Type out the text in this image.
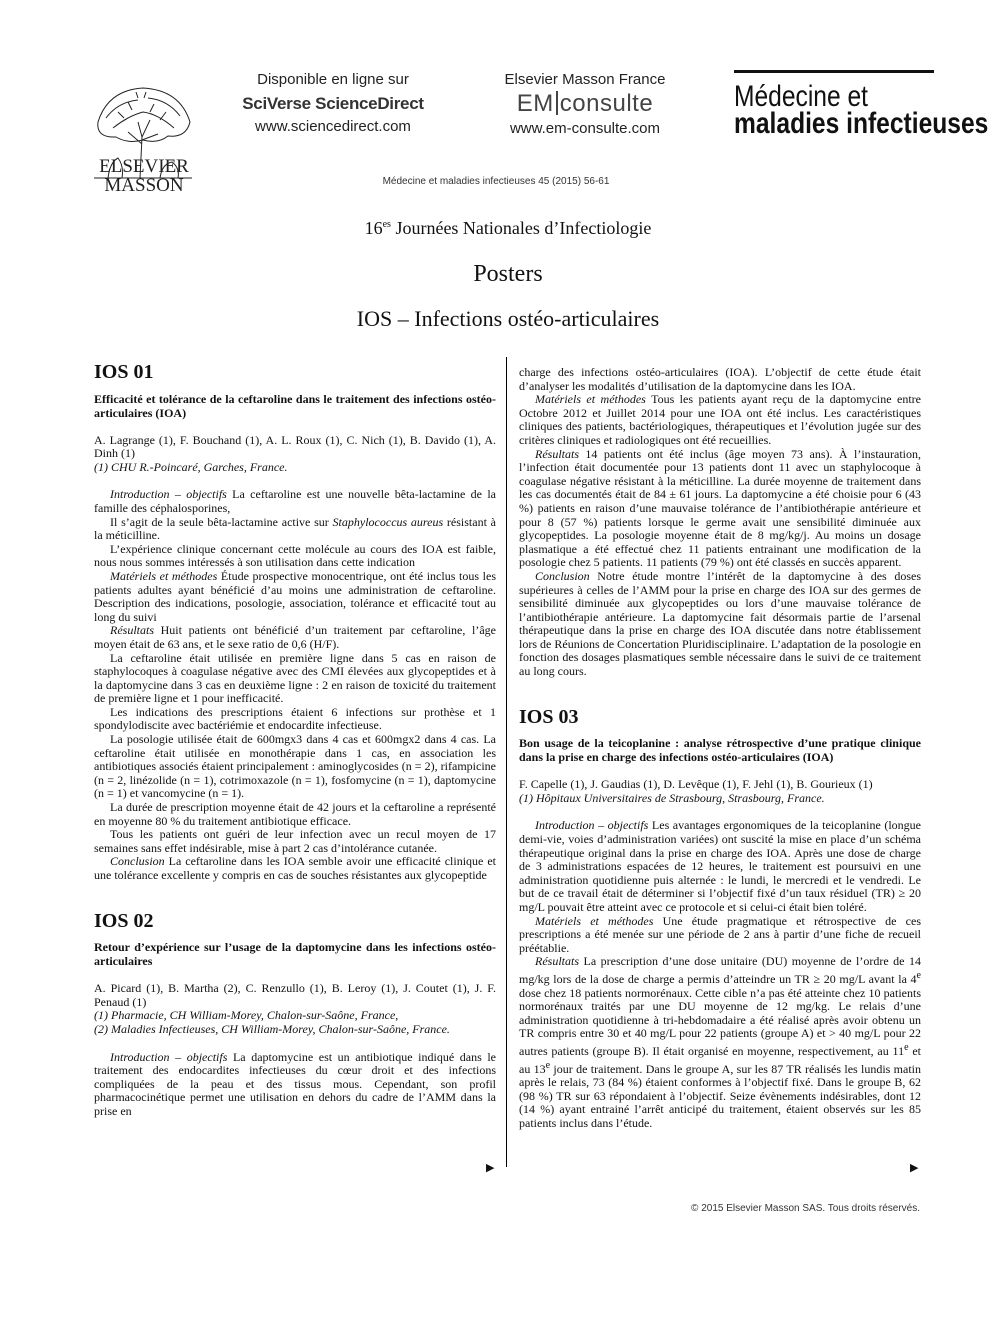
ELSEVIER
MASSON
Disponible en ligne sur
SciVerse ScienceDirect
www.sciencedirect.com
Elsevier Masson France
EM consulte
www.em-consulte.com
Médecine et
maladies infectieuses
Médecine et maladies infectieuses 45 (2015) 56-61
$16^{es}$ Journées Nationales d’Infectiologie
Posters
IOS – Infections ostéo-articulaires
IOS 01
Efficacité et tolérance de la ceftaroline dans le traitement des infections ostéo-articulaires (IOA)

A. Lagrange (1), F. Bouchand (1), A. L. Roux (1), C. Nich (1), B. Davido (1), A. Dinh (1)

(1) CHU R.-Poincaré, Garches, France.

Introduction – objectifs La ceftaroline est une nouvelle bêta-lactamine de la famille des céphalosporines,

Il s’agit de la seule bêta-lactamine active sur Staphylococcus aureus résistant à la méticilline.

L’expérience clinique concernant cette molécule au cours des IOA est faible, nous nous sommes intéressés à son utilisation dans cette indication

Matériels et méthodes Étude prospective monocentrique, ont été inclus tous les patients adultes ayant bénéficié d’au moins une administration de ceftaroline. Description des indications, posologie, association, tolérance et efficacité tout au long du suivi

Résultats Huit patients ont bénéficié d’un traitement par ceftaroline, l’âge moyen était de 63 ans, et le sexe ratio de 0,6 (H/F).

La ceftaroline était utilisée en première ligne dans 5 cas en raison de staphylocoques à coagulase négative avec des CMI élevées aux glycopeptides et à la daptomycine dans 3 cas en deuxième ligne : 2 en raison de toxicité du traitement de première ligne et 1 pour inefficacité.

Les indications des prescriptions étaient 6 infections sur prothèse et 1 spondylodiscite avec bactériémie et endocardite infectieuse.

La posologie utilisée était de 600mgx3 dans 4 cas et 600mgx2 dans 4 cas. La ceftaroline était utilisée en monothérapie dans 1 cas, en association les antibiotiques associés étaient principalement : aminoglycosides (n = 2), rifampicine (n = 2, linézolide (n = 1), cotrimoxazole (n = 1), fosfomycine (n = 1), daptomycine (n = 1) et vancomycine (n = 1).

La durée de prescription moyenne était de 42 jours et la ceftaroline a représenté en moyenne 80 % du traitement antibiotique efficace.

Tous les patients ont guéri de leur infection avec un recul moyen de 17 semaines sans effet indésirable, mise à part 2 cas d’intolérance cutanée.

Conclusion La ceftaroline dans les IOA semble avoir une efficacité clinique et une tolérance excellente y compris en cas de souches résistantes aux glycopeptide

IOS 02
Retour d’expérience sur l’usage de la daptomycine dans les infections ostéo-articulaires

A. Picard (1), B. Martha (2), C. Renzullo (1), B. Leroy (1), J. Coutet (1), J. F. Penaud (1)

(1) Pharmacie, CH William-Morey, Chalon-sur-Saône, France,

(2) Maladies Infectieuses, CH William-Morey, Chalon-sur-Saône, France.

Introduction – objectifs La daptomycine est un antibiotique indiqué dans le traitement des endocardites infectieuses du cœur droit et des infections compliquées de la peau et des tissus mous. Cependant, son profil pharmacocinétique permet une utilisation en dehors du cadre de l’AMM dans la prise en

▶

charge des infections ostéo-articulaires (IOA). L’objectif de cette étude était d’analyser les modalités d’utilisation de la daptomycine dans les IOA.

Matériels et méthodes Tous les patients ayant reçu de la daptomycine entre Octobre 2012 et Juillet 2014 pour une IOA ont été inclus. Les caractéristiques cliniques des patients, bactériologiques, thérapeutiques et l’évolution jugée sur des critères cliniques et radiologiques ont été recueillies.

Résultats 14 patients ont été inclus (âge moyen 73 ans). À l’instauration, l’infection était documentée pour 13 patients dont 11 avec un staphylocoque à coagulase négative résistant à la méticilline. La durée moyenne de traitement dans les cas documentés était de 84 ± 61 jours. La daptomycine a été choisie pour 6 (43 %) patients en raison d’une mauvaise tolérance de l’antibiothérapie antérieure et pour 8 (57 %) patients lorsque le germe avait une sensibilité diminuée aux glycopeptides. La posologie moyenne était de 8 mg/kg/j. Au moins un dosage plasmatique a été effectué chez 11 patients entrainant une modification de la posologie chez 5 patients. 11 patients (79 %) ont été classés en succès apparent.

Conclusion Notre étude montre l’intérêt de la daptomycine à des doses supérieures à celles de l’AMM pour la prise en charge des IOA sur des germes de sensibilité diminuée aux glycopeptides ou lors d’une mauvaise tolérance de l’antibiothérapie antérieure. La daptomycine fait désormais partie de l’arsenal thérapeutique dans la prise en charge des IOA discutée dans notre établissement lors de Réunions de Concertation Pluridisciplinaire. L’adaptation de la posologie en fonction des dosages plasmatiques semble nécessaire dans le suivi de ce traitement au long cours.

IOS 03
Bon usage de la teicoplanine : analyse rétrospective d’une pratique clinique dans la prise en charge des infections ostéo-articulaires (IOA)

F. Capelle (1), J. Gaudias (1), D. Levêque (1), F. Jehl (1), B. Gourieux (1)

(1) Hôpitaux Universitaires de Strasbourg, Strasbourg, France.

Introduction – objectifs Les avantages ergonomiques de la teicoplanine (longue demi-vie, voies d’administration variées) ont suscité la mise en place d’un schéma thérapeutique original dans la prise en charge des IOA. Après une dose de charge de 3 administrations espacées de 12 heures, le traitement est poursuivi en une administration quotidienne puis alternée : le lundi, le mercredi et le vendredi. Le but de ce travail était de déterminer si l’objectif fixé d’un taux résiduel (TR) ≥ 20 mg/L pouvait être atteint avec ce protocole et si celui-ci était bien toléré.

Matériels et méthodes Une étude pragmatique et rétrospective de ces prescriptions a été menée sur une période de 2 ans à partir d’une fiche de recueil préétablie.

Résultats La prescription d’une dose unitaire (DU) moyenne de l’ordre de 14 mg/kg lors de la dose de charge a permis d’atteindre un TR ≥ 20 mg/L avant la 4e dose chez 18 patients normorénaux. Cette cible n’a pas été atteinte chez 10 patients normorénaux traités par une DU moyenne de 12 mg/kg. Le relais d’une administration quotidienne à tri-hebdomadaire a été réalisé après avoir obtenu un TR compris entre 30 et 40 mg/L pour 22 patients (groupe A) et > 40 mg/L pour 22 autres patients (groupe B). Il était organisé en moyenne, respectivement, au 11e et au 13e jour de traitement. Dans le groupe A, sur les 87 TR réalisés les lundis matin après le relais, 73 (84 %) étaient conformes à l’objectif fixé. Dans le groupe B, 62 (98 %) TR sur 63 répondaient à l’objectif. Seize évènements indésirables, dont 12 (14 %) ayant entrainé l’arrêt anticipé du traitement, étaient observés sur les 85 patients inclus dans l’étude.

▶
© 2015 Elsevier Masson SAS. Tous droits réservés.
